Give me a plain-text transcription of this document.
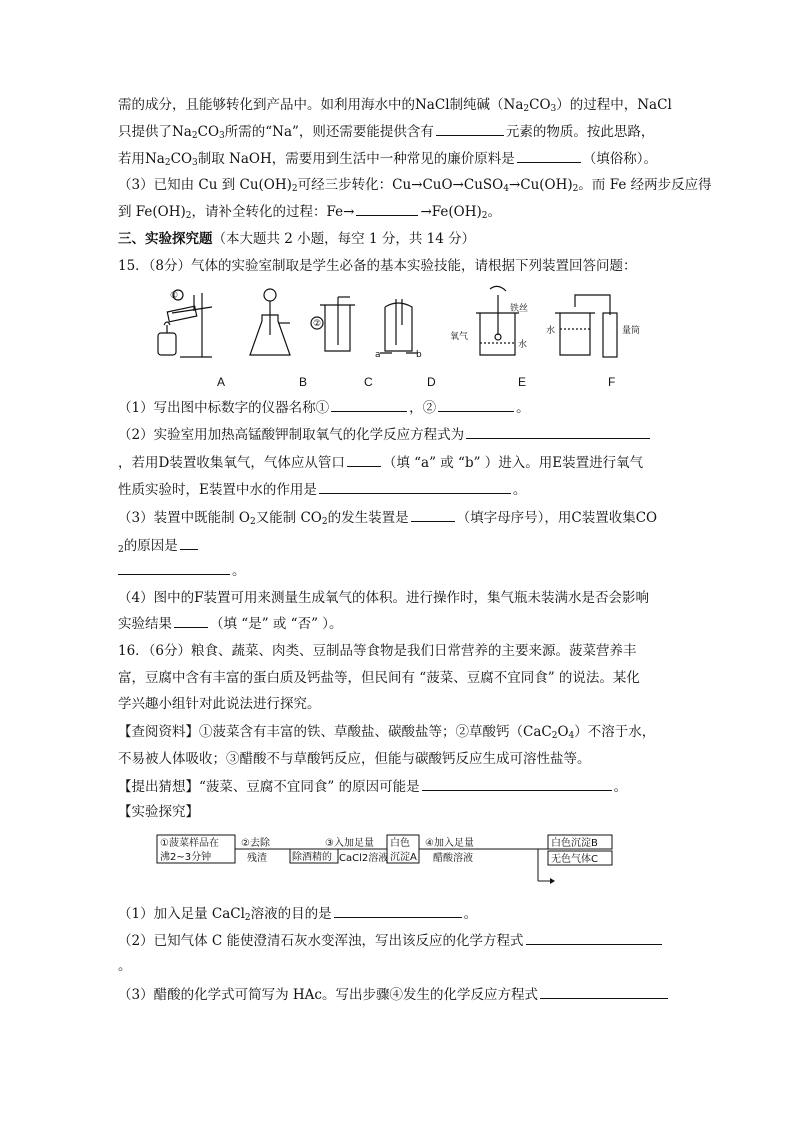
需的成分，且能够转化到产品中。如利用海水中的NaCl制纯碱$(Na_2CO_3)$的过程中，NaCl
只提供了$Na_2CO_3$所需的“Na”，则还需要能提供含有	元素的物质。按此思路，
若用$Na_2CO_3$制取 NaOH，需要用到生活中一种常见的廉价原料是	（填俗称）。
（3）已知由 Cu 到 $Cu(OH)_2$可经三步转化：$Cu\to CuO\to CuSO_4\to Cu(OH)_2$。而 Fe 经两步反应得
到 $Fe(OH)_2$，请补全转化的过程：Fe→	$\to Fe(OH)_2$。
三、实验探究题（本大题共 2 小题，每空 1 分，共 14 分）
15．（8分）气体的实验室制取是学生必备的基本实验技能，请根据下列装置回答问题：
①
②
a	b
氧气
水
铁丝
水	量筒
A	B	C	D	E	F
（1）写出图中标数字的仪器名称①	，②	。
（2）实验室用加热高锰酸钾制取氧气的化学反应方程式为
，若用D装置收集氧气，气体应从管口	（填 “a” 或 “b” ）进入。用E装置进行氧气
性质实验时，E装置中水的作用是	。
（3）装置中既能制 $O_2$又能制 $CO_2$的发生装置是	（填字母序号），用C装置收集CO
$_2$的原因是
。
（4）图中的F装置可用来测量生成氧气的体积。进行操作时，集气瓶未装满水是否会影响
实验结果	（填 “是” 或 “否” ）。
16．（6分）粮食、蔬菜、肉类、豆制品等食物是我们日常营养的主要来源。菠菜营养丰
富，豆腐中含有丰富的蛋白质及钙盐等，但民间有 “菠菜、豆腐不宜同食” 的说法。某化
学兴趣小组针对此说法进行探究。
【查阅资料】①菠菜含有丰富的铁、草酸盐、碳酸盐等；②草酸钙$(CaC_2O_4)$不溶于水，
不易被人体吸收；③醋酸不与草酸钙反应，但能与碳酸钙反应生成可溶性盐等。
【提出猜想】“菠菜、豆腐不宜同食” 的原因可能是	。
【实验探究】
①菠菜样品在
沸2~3分钟
②去除
残渣
③入加足量
除酒精的 CaCl2溶液
白色
沉淀A
④加入足量
醋酸溶液
白色沉淀B
无色气体C
（1）加入足量 CaCl$_2$溶液的目的是	。
（2）已知气体 C 能使澄清石灰水变浑浊，写出该反应的化学方程式
。
（3）醋酸的化学式可简写为 HAc。写出步骤④发生的化学反应方程式
